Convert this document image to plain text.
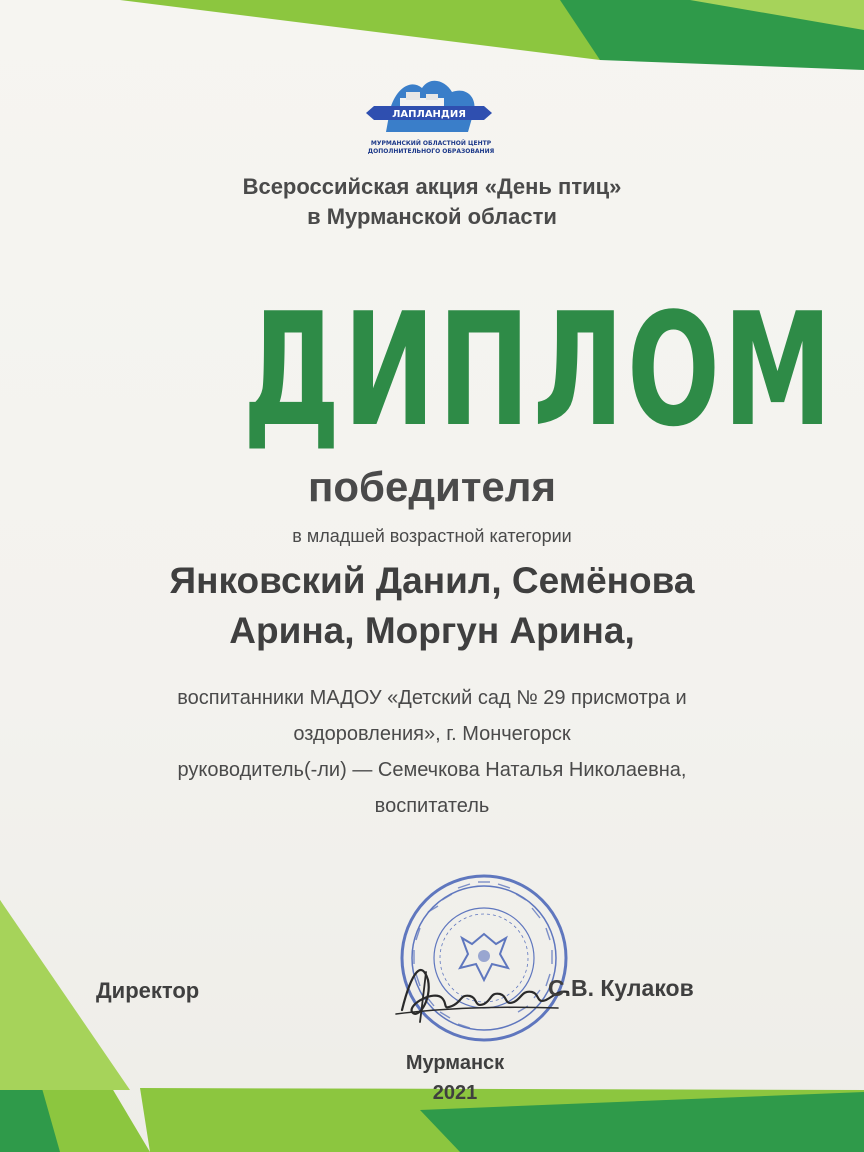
ЛАПЛАНДИЯ
МУРМАНСКИЙ ОБЛАСТНОЙ ЦЕНТР
ДОПОЛНИТЕЛЬНОГО ОБРАЗОВАНИЯ
Всероссийская акция «День птиц»
в Мурманской области
ДИПЛОМ
победителя
в младшей возрастной категории
Янковский Данил, Семёнова
Арина, Моргун Арина,
воспитанники МАДОУ «Детский сад № 29 присмотра и
оздоровления», г. Мончегорск
руководитель(-ли) — Семечкова Наталья Николаевна,
воспитатель
Директор	С.В. Кулаков
Мурманск
2021
